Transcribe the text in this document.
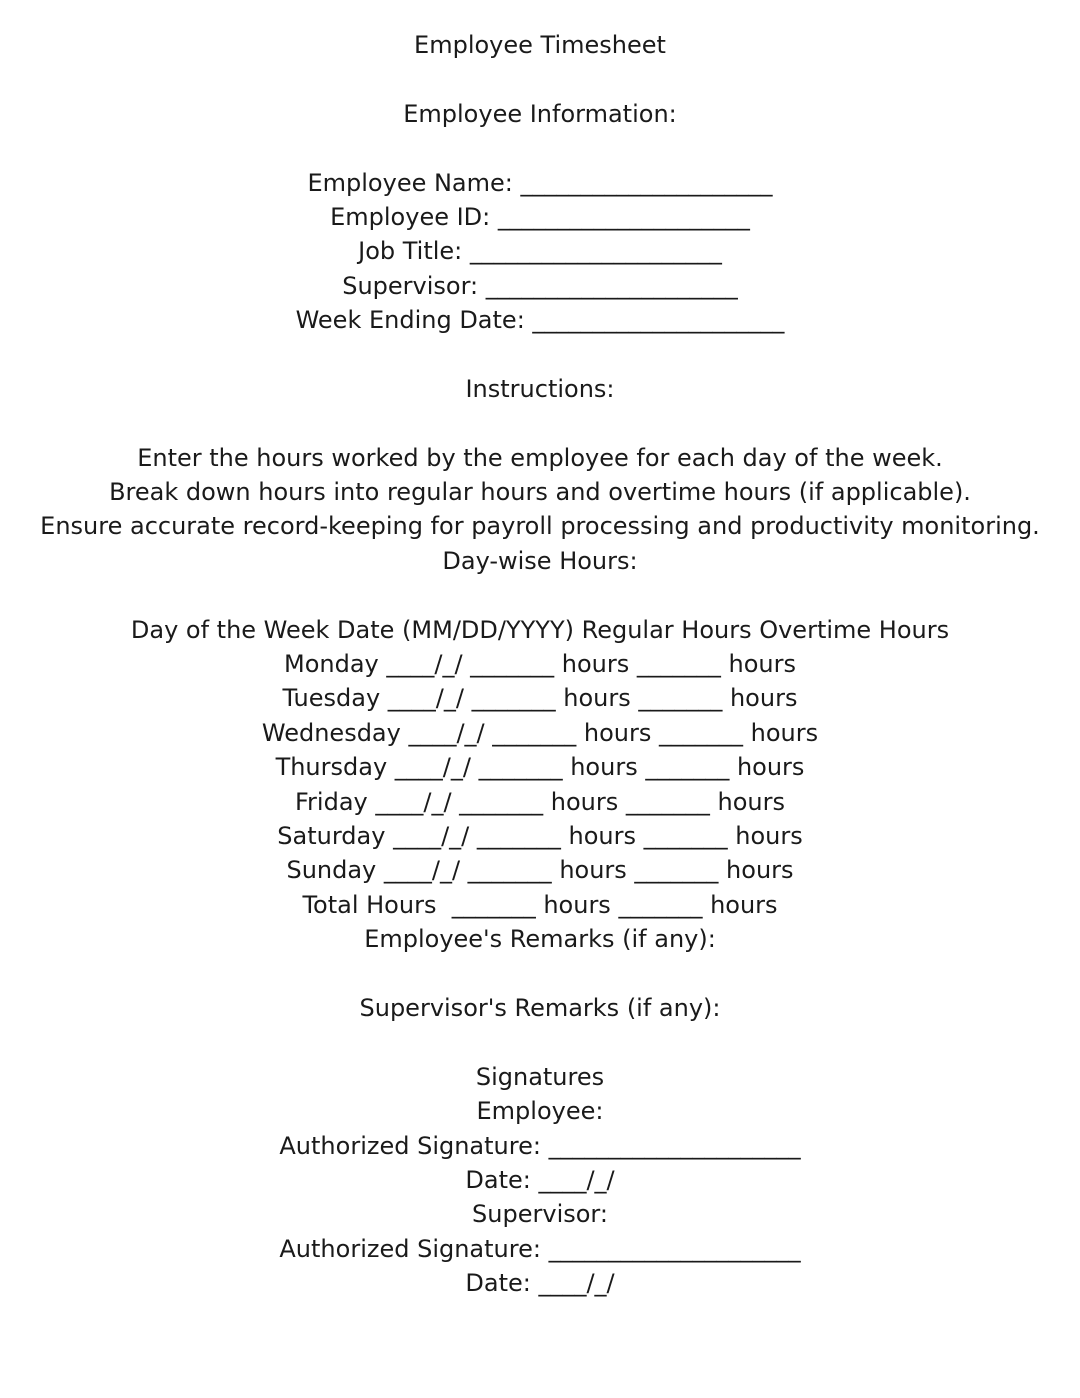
Employee Timesheet
Employee Information:
Employee Name: _____________________
Employee ID: _____________________
Job Title: _____________________
Supervisor: _____________________
Week Ending Date: _____________________
Instructions:
Enter the hours worked by the employee for each day of the week.
Break down hours into regular hours and overtime hours (if applicable).
Ensure accurate record-keeping for payroll processing and productivity monitoring.
Day-wise Hours:
Day of the Week Date (MM/DD/YYYY) Regular Hours Overtime Hours
Monday ____/_/ _______ hours _______ hours
Tuesday ____/_/ _______ hours _______ hours
Wednesday ____/_/ _______ hours _______ hours
Thursday ____/_/ _______ hours _______ hours
Friday ____/_/ _______ hours _______ hours
Saturday ____/_/ _______ hours _______ hours
Sunday ____/_/ _______ hours _______ hours
Total Hours  _______ hours _______ hours
Employee's Remarks (if any):
Supervisor's Remarks (if any):
Signatures
Employee:
Authorized Signature: _____________________
Date: ____/_/
Supervisor:
Authorized Signature: _____________________
Date: ____/_/
